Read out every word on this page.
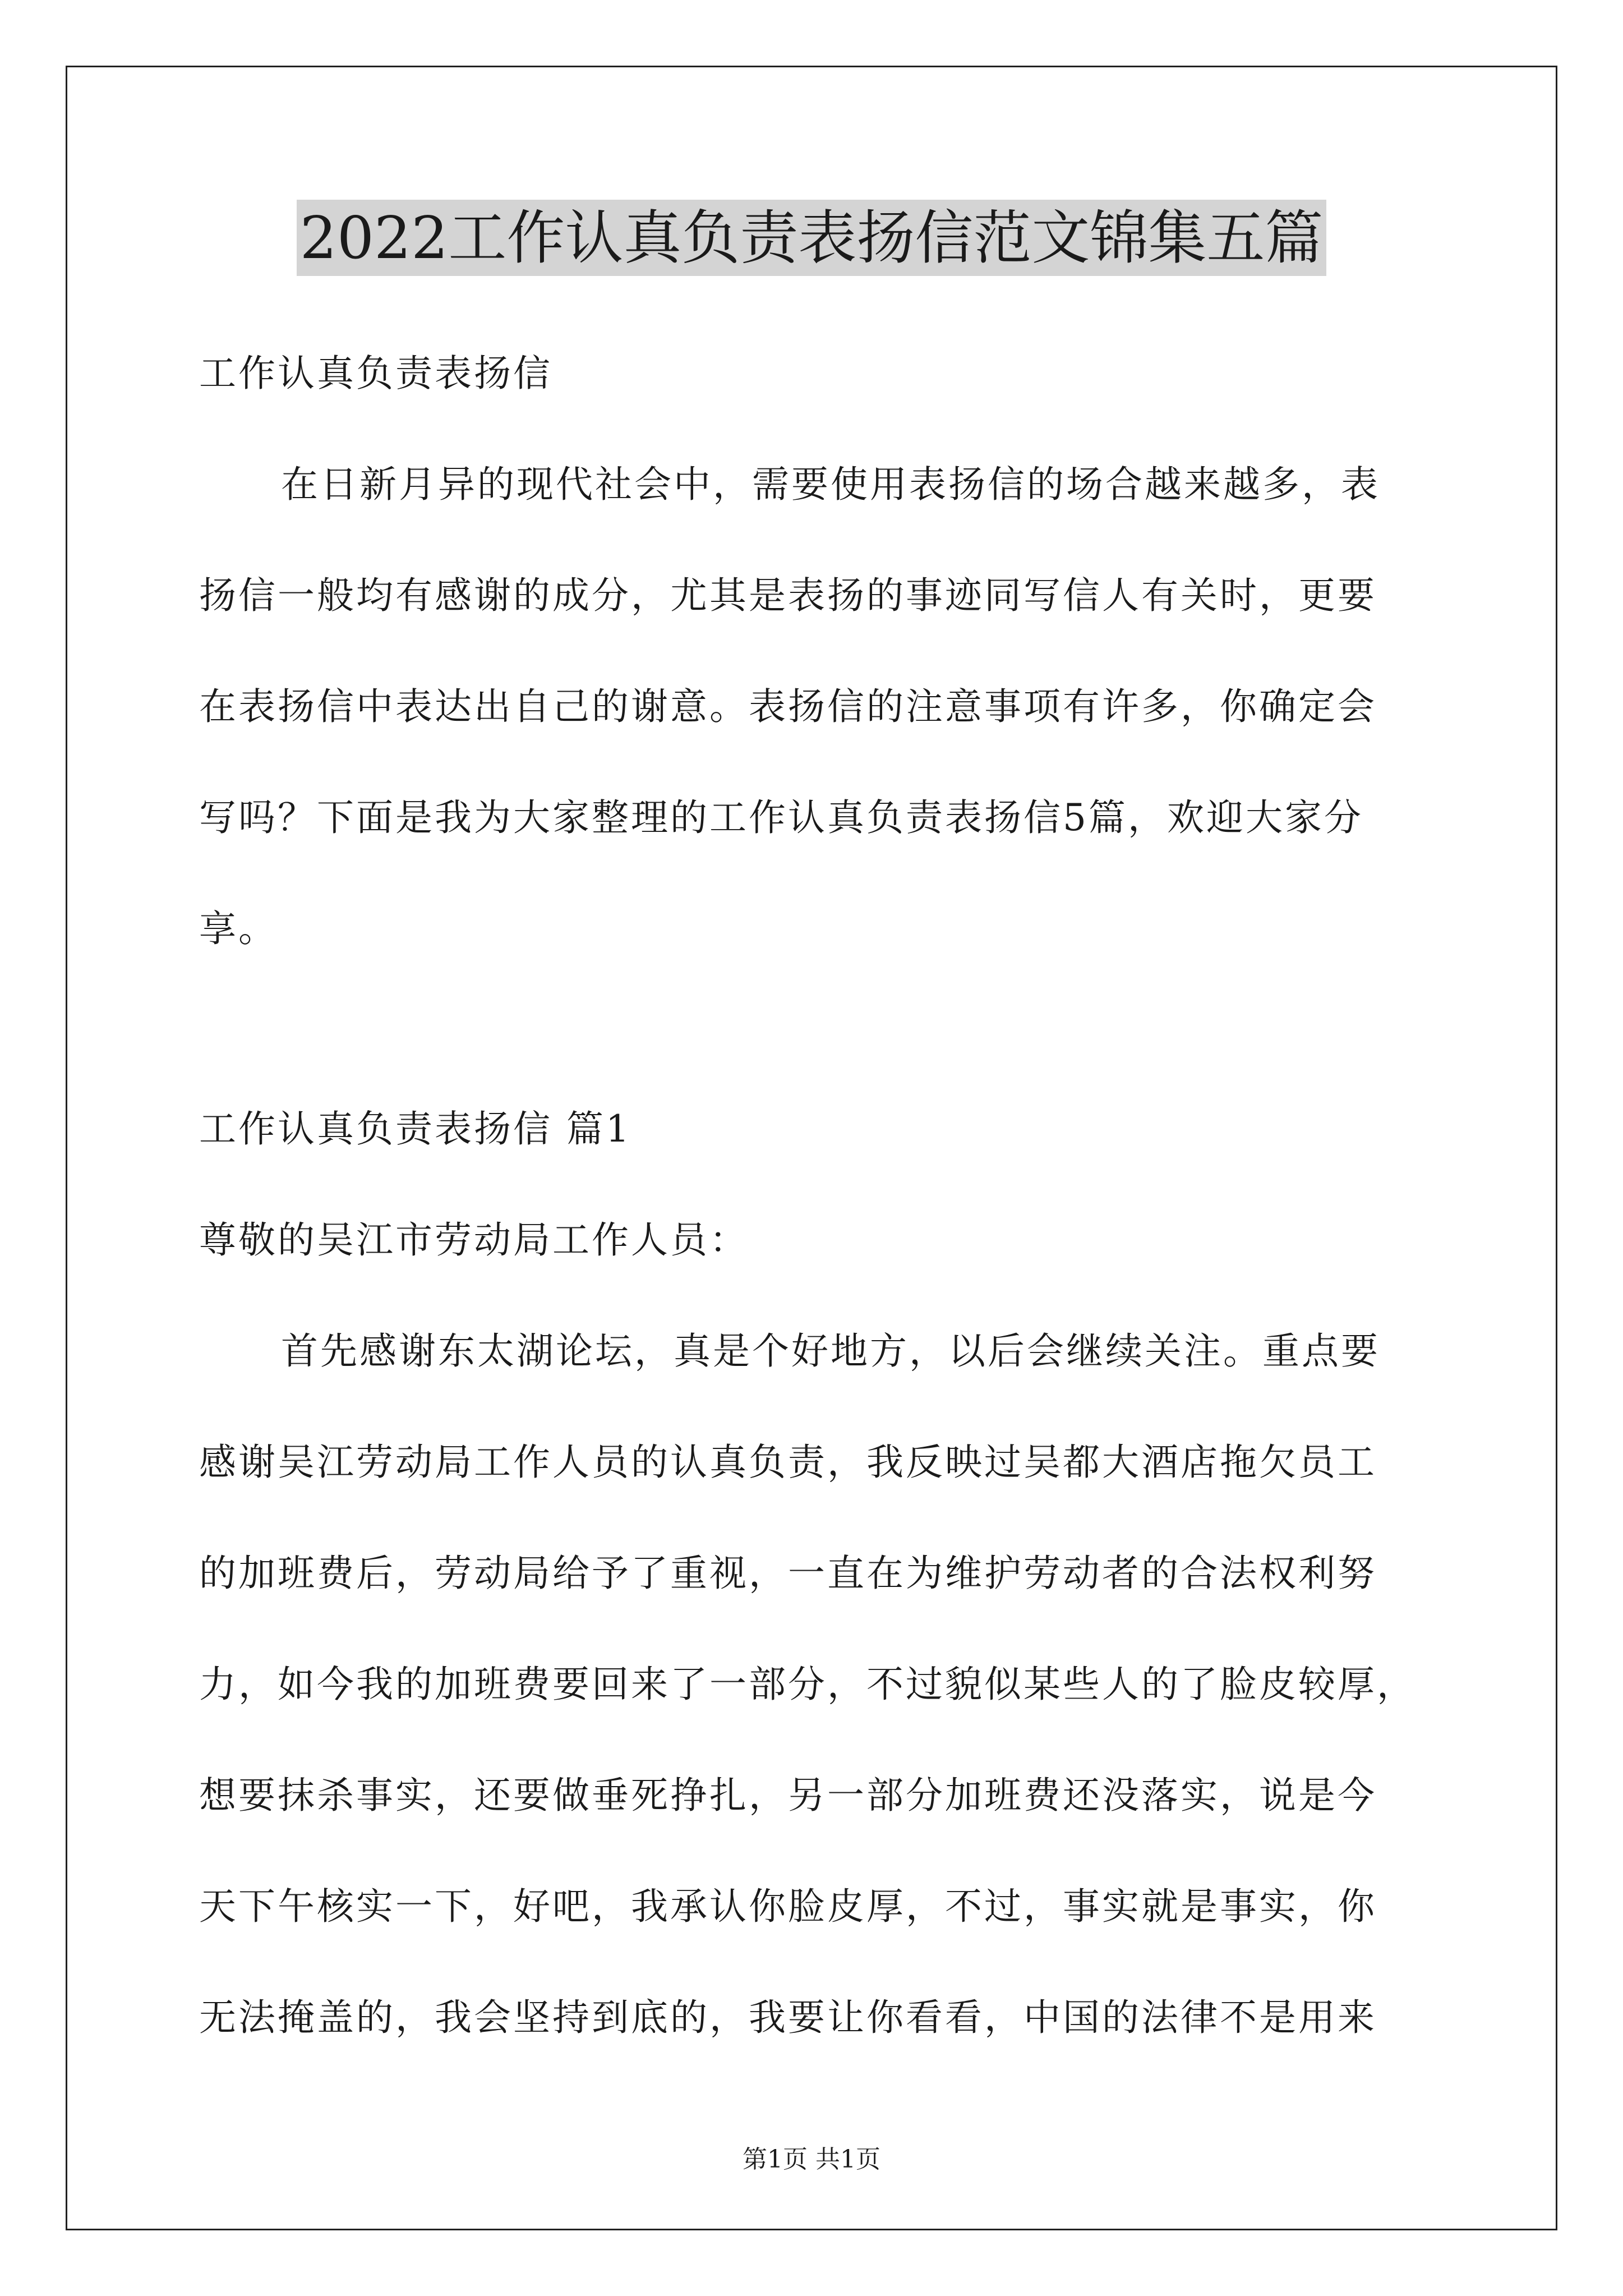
2022工作认真负责表扬信范文锦集五篇
工作认真负责表扬信
在日新月异的现代社会中，需要使用表扬信的场合越来越多，表
扬信一般均有感谢的成分，尤其是表扬的事迹同写信人有关时，更要
在表扬信中表达出自己的谢意。表扬信的注意事项有许多，你确定会
写吗？下面是我为大家整理的工作认真负责表扬信5篇，欢迎大家分
享。
工作认真负责表扬信 篇1
尊敬的吴江市劳动局工作人员：
首先感谢东太湖论坛，真是个好地方，以后会继续关注。重点要
感谢吴江劳动局工作人员的认真负责，我反映过吴都大酒店拖欠员工
的加班费后，劳动局给予了重视，一直在为维护劳动者的合法权利努
力，如今我的加班费要回来了一部分，不过貌似某些人的了脸皮较厚，
想要抹杀事实，还要做垂死挣扎，另一部分加班费还没落实，说是今
天下午核实一下，好吧，我承认你脸皮厚，不过，事实就是事实，你
无法掩盖的，我会坚持到底的，我要让你看看，中国的法律不是用来
第1页 共1页
